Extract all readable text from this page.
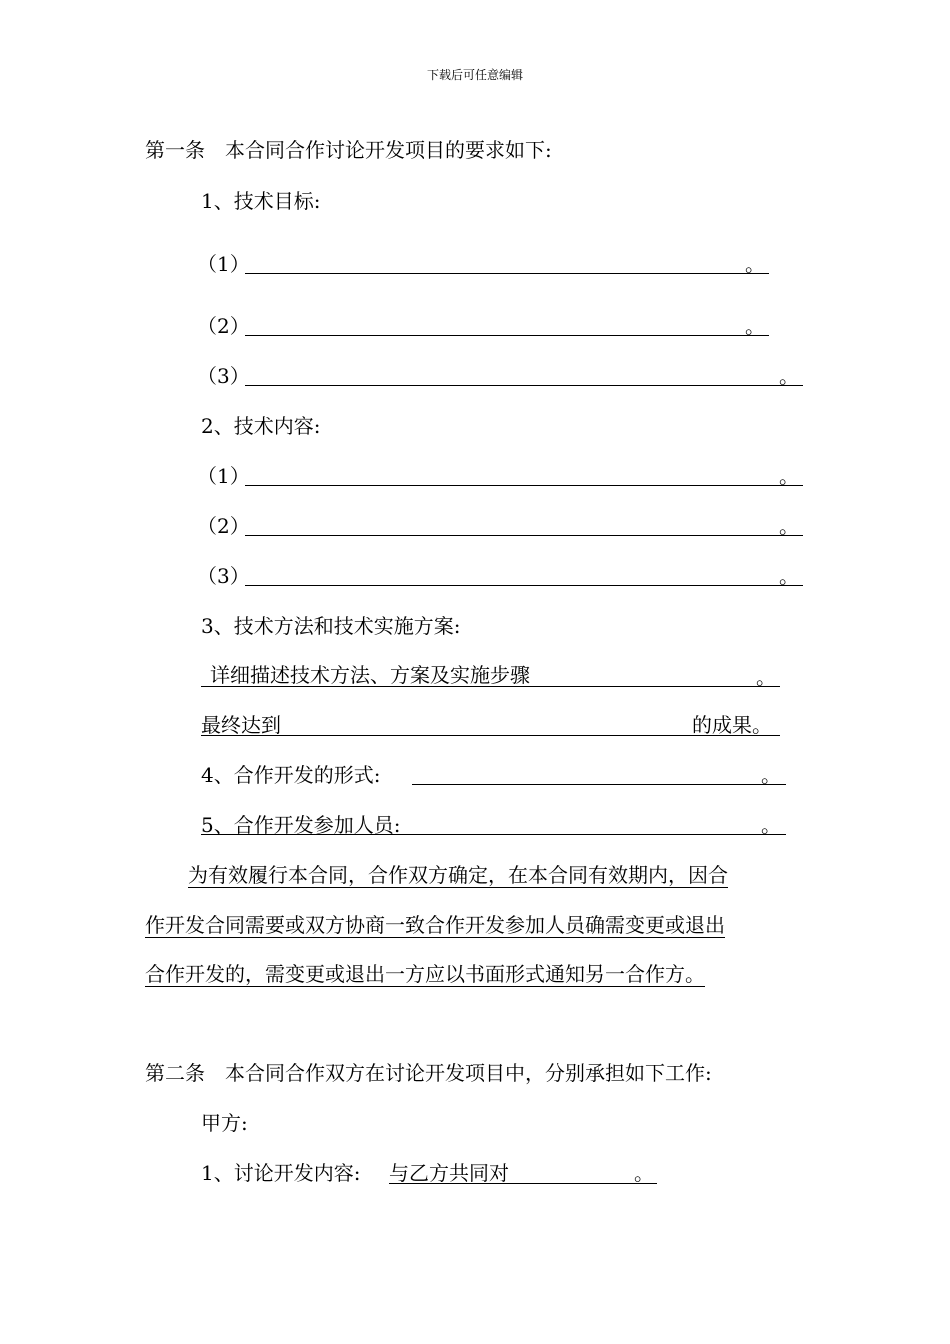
下载后可任意编辑
第一条　本合同合作讨论开发项目的要求如下:
1、技术目标:
（1）	。
（2）	。
（3）	。
2、技术内容:
（1）	。
（2）	。
（3）	。
3、技术方法和技术实施方案:
详细描述技术方法、方案及实施步骤	。
最终达到	的成果。
4、合作开发的形式:	。
5、合作开发参加人员:	。
为有效履行本合同，合作双方确定，在本合同有效期内，因合
作开发合同需要或双方协商一致合作开发参加人员确需变更或退出
合作开发的，需变更或退出一方应以书面形式通知另一合作方。
第二条　本合同合作双方在讨论开发项目中，分别承担如下工作:
甲方:
1、讨论开发内容: 与乙方共同对	。
